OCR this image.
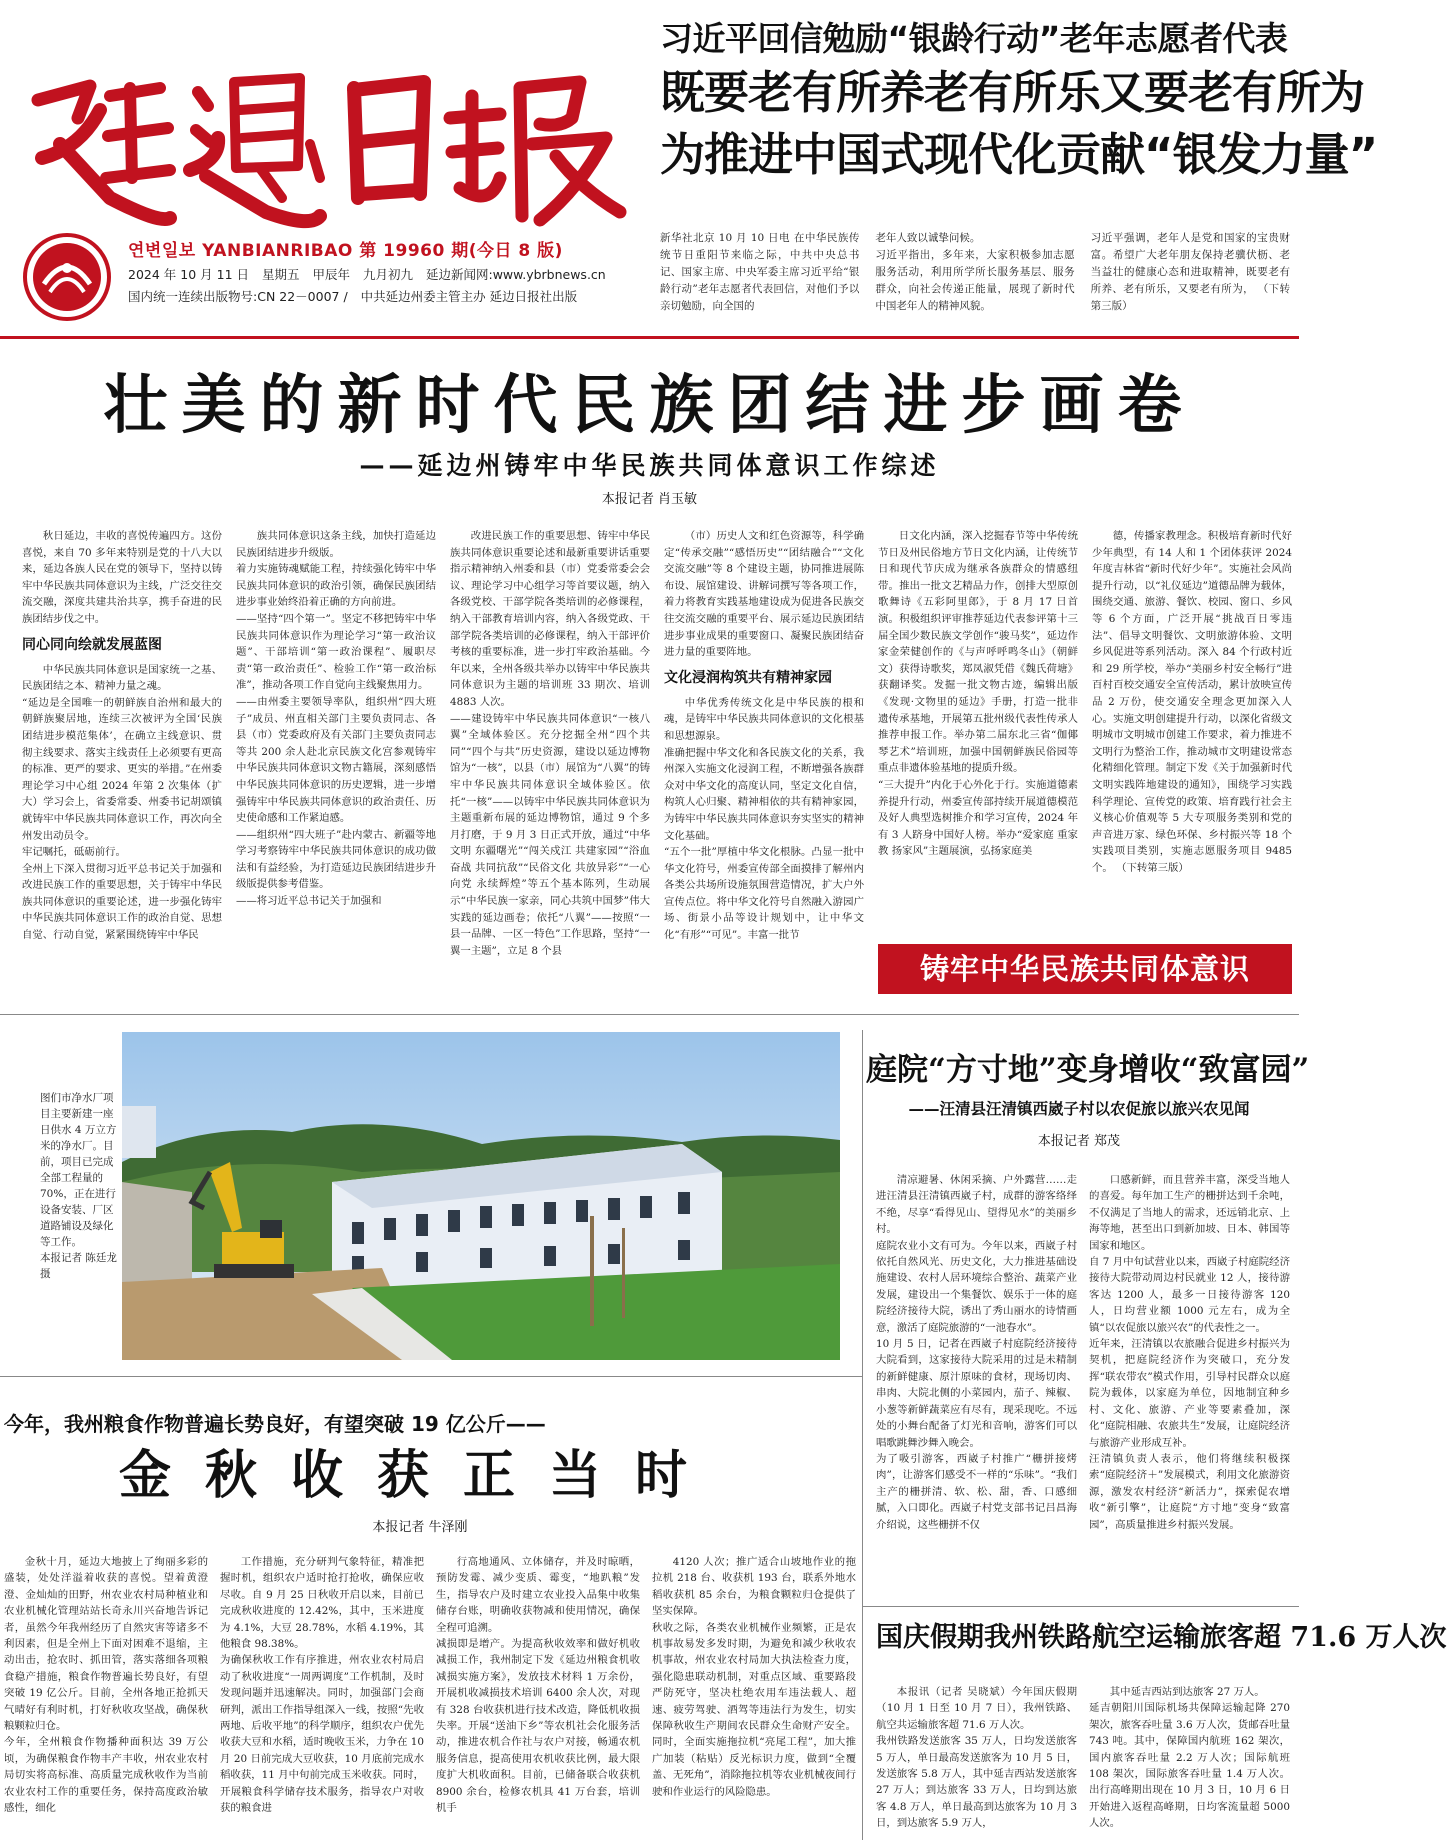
연변일보 YANBIANRIBAO 第 19960 期(今日 8 版)
2024 年 10 月 11 日 星期五 甲辰年 九月初九 延边新闻网:www.ybrbnews.cn
国内统一连续出版物号:CN 22－0007 / 中共延边州委主管主办 延边日报社出版
习近平回信勉励“银龄行动”老年志愿者代表
既要老有所养老有所乐又要老有所为
为推进中国式现代化贡献“银发力量”
新华社北京 10 月 10 日电 在中华民族传统节日重阳节来临之际，中共中央总书记、国家主席、中央军委主席习近平给“银龄行动”老年志愿者代表回信，对他们予以亲切勉励，向全国的
老年人致以诚挚问候。
习近平指出，多年来，大家积极参加志愿服务活动，利用所学所长服务基层、服务群众，向社会传递正能量，展现了新时代中国老年人的精神风貌。
习近平强调，老年人是党和国家的宝贵财富。希望广大老年朋友保持老骥伏枥、老当益壮的健康心态和进取精神，既要老有所养、老有所乐，又要老有所为， （下转第三版）
壮美的新时代民族团结进步画卷
——延边州铸牢中华民族共同体意识工作综述
本报记者 肖玉敏

秋日延边，丰收的喜悦传遍四方。这份喜悦，来自 70 多年来特别是党的十八大以来，延边各族人民在党的领导下，坚持以铸牢中华民族共同体意识为主线，广泛交往交流交融，深度共建共治共享，携手奋进的民族团结步伐之中。

同心同向绘就发展蓝图

中华民族共同体意识是国家统一之基、民族团结之本、精神力量之魂。
“延边是全国唯一的朝鲜族自治州和最大的朝鲜族聚居地，连续三次被评为全国‘民族团结进步模范集体’，在确立主线意识、贯彻主线要求、落实主线责任上必须要有更高的标准、更严的要求、更实的举措。”在州委理论学习中心组 2024 年第 2 次集体（扩大）学习会上，省委常委、州委书记胡颂镇就铸牢中华民族共同体意识工作，再次向全州发出动员令。
牢记嘱托，砥砺前行。
全州上下深入贯彻习近平总书记关于加强和改进民族工作的重要思想，关于铸牢中华民族共同体意识的重要论述，进一步强化铸牢中华民族共同体意识工作的政治自觉、思想自觉、行动自觉，紧紧围绕铸牢中华民

族共同体意识这条主线，加快打造延边民族团结进步升级版。
着力实施铸魂赋能工程，持续强化铸牢中华民族共同体意识的政治引领，确保民族团结进步事业始终沿着正确的方向前进。
——坚持“四个第一”。坚定不移把铸牢中华民族共同体意识作为理论学习“第一政治议题”、干部培训“第一政治课程”、履职尽责“第一政治责任”、检验工作“第一政治标准”，推动各项工作自觉向主线聚焦用力。
——由州委主要领导率队，组织州“四大班子”成员、州直相关部门主要负责同志、各县（市）党委政府及有关部门主要负责同志等共 200 余人赴北京民族文化宫参观铸牢中华民族共同体意识文物古籍展，深刻感悟中华民族共同体意识的历史逻辑，进一步增强铸牢中华民族共同体意识的政治责任、历史使命感和工作紧迫感。
——组织州“四大班子”赴内蒙古、新疆等地学习考察铸牢中华民族共同体意识的成功做法和有益经验，为打造延边民族团结进步升级版提供参考借鉴。
——将习近平总书记关于加强和

改进民族工作的重要思想、铸牢中华民族共同体意识重要论述和最新重要讲话重要指示精神纳入州委和县（市）党委常委会会议、理论学习中心组学习等首要议题，纳入各级党校、干部学院各类培训的必修课程，纳入干部教育培训内容，纳入各级党政、干部学院各类培训的必修课程，纳入干部评价考核的重要标准，进一步打牢政治基础。今年以来，全州各级共举办以铸牢中华民族共同体意识为主题的培训班 33 期次、培训 4883 人次。
——建设铸牢中华民族共同体意识“一核八翼”全域体验区。充分挖掘全州“四个共同”“四个与共”历史资源，建设以延边博物馆为“一核”，以县（市）展馆为“八翼”的铸牢中华民族共同体意识全域体验区。依托“一核”——以铸牢中华民族共同体意识为主题重新布展的延边博物馆，通过 9 个多月打磨，于 9 月 3 日正式开放，通过“中华文明 东疆曙光”“闯关戍江 共建家园”“浴血奋战 共同抗敌”“民俗文化 共放异彩”“一心向党 永续辉煌”等五个基本陈列，生动展示“中华民族一家亲，同心共筑中国梦”伟大实践的延边画卷；依托“八翼”——按照“一县一品牌、一区一特色”工作思路，坚持“一翼一主题”，立足 8 个县

（市）历史人文和红色资源等，科学确定“传承交融”“感悟历史”“团结融合”“文化交流交融”等 8 个建设主题，协同推进展陈布设、展馆建设、讲解词撰写等各项工作，着力将教育实践基地建设成为促进各民族交往交流交融的重要平台、展示延边民族团结进步事业成果的重要窗口、凝聚民族团结奋进力量的重要阵地。

文化浸润构筑共有精神家园

中华优秀传统文化是中华民族的根和魂，是铸牢中华民族共同体意识的文化根基和思想源泉。
准确把握中华文化和各民族文化的关系，我州深入实施文化浸润工程，不断增强各族群众对中华文化的高度认同，坚定文化自信，构筑人心归聚、精神相依的共有精神家园，为铸牢中华民族共同体意识夯实坚实的精神文化基础。
“五个一批”厚植中华文化根脉。凸显一批中华文化符号，州委宣传部全面摸排了解州内各类公共场所设施氛围营造情况，扩大户外宣传点位。将中华文化符号自然融入游园广场、街景小品等设计规划中，让中华文化“有形”“可见”。丰富一批节

日文化内涵，深入挖掘春节等中华传统节日及州民俗地方节日文化内涵，让传统节日和现代节庆成为继承各族群众的情感纽带。推出一批文艺精品力作，创排大型原创歌舞诗《五彩阿里郎》，于 8 月 17 日首演。积极组织评审推荐延边代表参评第十三届全国少数民族文学创作“骏马奖”，延边作家金荣健创作的《与声呼呼鸣冬山》（朝鲜文）获得诗歌奖，郑凤淑凭借《魏氏荷塘》获翻译奖。发掘一批文物古迹，编辑出版《发现·文物里的延边》手册，打造一批非遗传承基地，开展第五批州级代表性传承人推荐申报工作。举办第二届东北三省“伽倻琴艺术”培训班，加强中国朝鲜族民俗园等重点非遗体验基地的提质升级。
“三大提升”内化于心外化于行。实施道德素养提升行动，州委宣传部持续开展道德模范及好人典型选树推介和学习宣传，2024 年有 3 人跻身中国好人榜。举办“爱家庭 重家教 扬家风”主题展演，弘扬家庭美

德，传播家教理念。积极培育新时代好少年典型，有 14 人和 1 个团体获评 2024 年度吉林省“新时代好少年”。实施社会风尚提升行动，以“礼仪延边”道德品牌为载体，围绕交通、旅游、餐饮、校园、窗口、乡风等 6 个方面，广泛开展“挑战百日零违法”、倡导文明餐饮、文明旅游体验、文明乡风促进等系列活动。深入 84 个行政村近和 29 所学校，举办“美丽乡村安全畅行”进百村百校交通安全宣传活动，累计放映宣传品 2 万份，使交通安全理念更加深入人心。实施文明创建提升行动，以深化省级文明城市文明城市创建工作要求，着力推进不文明行为整治工作，推动城市文明建设常态化精细化管理。制定下发《关于加强新时代文明实践阵地建设的通知》，围绕学习实践科学理论、宣传党的政策、培育践行社会主义核心价值观等 5 大专项服务类别和党的声音进万家、绿色环保、乡村振兴等 18 个实践项目类别，实施志愿服务项目 9485 个。 （下转第三版）

铸牢中华民族共同体意识
图们市净水厂项目主要新建一座日供水 4 万立方米的净水厂。目前，项目已完成全部工程量的 70%，正在进行设备安装、厂区道路铺设及绿化等工作。
本报记者 陈廷龙 摄
庭院“方寸地”变身增收“致富园”
——汪清县汪清镇西崴子村以农促旅以旅兴农见闻
本报记者 郑茂

清凉避暑、休闲采摘、户外露营……走进汪清县汪清镇西崴子村，成群的游客络绎不绝，尽享“看得见山、望得见水”的美丽乡村。
庭院农业小文有可为。今年以来，西崴子村依托自然风光、历史文化，大力推进基础设施建设、农村人居环境综合整治、蔬菜产业发展，建设出一个集餐饮、娱乐于一体的庭院经济接待大院，诱出了秀山丽水的诗情画意，激活了庭院旅游的“一池春水”。
10 月 5 日，记者在西崴子村庭院经济接待大院看到，这家接待大院采用的过是未精制的新鲜健康、原汁原味的食材，现场切肉、串肉、大院北侧的小菜园内，茄子、辣椒、小葱等新鲜蔬菜应有尽有，现采现吃。不远处的小舞台配备了灯光和音响，游客们可以唱歌跳舞沙舞入晚会。
为了吸引游客，西崴子村推广“栅拼接烤肉”，让游客们感受不一样的“乐味”。“我们主产的栅拼清、软、松、甜，香、口感细腻，入口即化。西崴子村党支部书记吕昌海介绍说，这些栅拼不仅

口感新鲜，而且营养丰富，深受当地人的喜爱。每年加工生产的栅拼达到千余吨，不仅满足了当地人的需求，还远销北京、上海等地，甚至出口到新加坡、日本、韩国等国家和地区。
自 7 月中旬试营业以来，西崴子村庭院经济接待大院带动周边村民就业 12 人，接待游客达 1200 人，最多一日接待游客 120 人，日均营业额 1000 元左右，成为全镇“以农促旅以旅兴农”的代表性之一。
近年来，汪清镇以农旅融合促进乡村振兴为契机，把庭院经济作为突破口，充分发挥“联农带农”模式作用，引导村民群众以庭院为载体，以家庭为单位，因地制宜种乡村、文化、旅游、产业等要素叠加，深化“庭院相融、农旅共生”发展，让庭院经济与旅游产业形成互补。
汪清镇负责人表示，他们将继续积极探索“庭院经济＋”发展模式，利用文化旅游资源，激发农村经济“新活力”，探索促农增收“新引擎”，让庭院“方寸地”变身“致富园”，高质量推进乡村振兴发展。

国庆假期我州铁路航空运输旅客超 71.6 万人次

本报讯（记者 吴晓斌）今年国庆假期（10 月 1 日至 10 月 7 日），我州铁路、航空共运输旅客超 71.6 万人次。
我州铁路发送旅客 35 万人，日均发送旅客 5 万人，单日最高发送旅客为 10 月 5 日，发送旅客 5.8 万人，其中延吉西站发送旅客 27 万人；到达旅客 33 万人，日均到达旅客 4.8 万人，单日最高到达旅客为 10 月 3 日，到达旅客 5.9 万人，

其中延吉西站到达旅客 27 万人。
延吉朝阳川国际机场共保障运输起降 270 架次，旅客吞吐量 3.6 万人次，货邮吞吐量 743 吨。其中，保障国内航班 162 架次，国内旅客吞吐量 2.2 万人次；国际航班 108 架次，国际旅客吞吐量 1.4 万人次。出行高峰期出现在 10 月 3 日，10 月 6 日开始进入返程高峰期，日均客流量超 5000 人次。

今年，我州粮食作物普遍长势良好，有望突破 19 亿公斤——
金秋收获正当时
本报记者 牛泽刚

金秋十月，延边大地披上了绚丽多彩的盛装，处处洋溢着收获的喜悦。望着黄澄澄、金灿灿的田野，州农业农村局种植业和农业机械化管理站站长奇永川兴奋地告诉记者，虽然今年我州经历了自然灾害等诸多不利因素，但是全州上下面对困难不退缩，主动出击，抢农时、抓田管，落实落细各项粮食稳产措施，粮食作物普遍长势良好，有望突破 19 亿公斤。目前，全州各地正抢抓天气晴好有利时机，打好秋收攻坚战，确保秋粮颗粒归仓。
今年，全州粮食作物播种面积达 39 万公顷，为确保粮食作物丰产丰收，州农业农村局切实将高标准、高质量完成秋收作为当前农业农村工作的重要任务，保持高度政治敏感性，细化

工作措施，充分研判气象特征，精准把握时机，组织农户适时抢打抢收，确保应收尽收。自 9 月 25 日秋收开启以来，目前已完成秋收进度的 12.42%，其中，玉米进度为 4.1%，大豆 28.78%，水稻 4.19%，其他粮食 98.38%。
为确保秋收工作有序推进，州农业农村局启动了秋收进度“一周两调度”工作机制，及时发现问题并迅速解决。同时，加强部门会商研判，派出工作指导组深入一线，按照“先收两地、后收平地”的科学顺序，组织农户优先收获大豆和水稻，适时晚收玉米，力争在 10 月 20 日前完成大豆收获，10 月底前完成水稻收获，11 月中旬前完成玉米收获。同时，开展粮食科学储存技术服务，指导农户对收获的粮食进

行高地通风、立体储存，并及时晾晒，预防发霉、减少变质、霉变，“地趴粮”发生，指导农户及时建立农业投入品集中收集储存台账，明确收获物减和使用情况，确保全程可追溯。
减损即是增产。为提高秋收效率和做好机收减损工作，我州制定下发《延边州粮食机收减损实施方案》，发放技术材料 1 万余份，开展机收减损技术培训 6400 余人次，对现有 328 台收获机进行技术改造，降低机收损失率。开展“送油下乡”等农机社会化服务活动，推进农机合作社与农户对接，畅通农机服务信息，提高使用农机收获比例，最大限度扩大机收面积。目前，已储备联合收获机 8900 余台，检修农机具 41 万台套，培训机手

4120 人次；推广适合山坡地作业的拖拉机 218 台、收获机 193 台，联系外地水稻收获机 85 余台，为粮食颗粒归仓提供了坚实保障。
秋收之际，各类农业机械作业频繁，正是农机事故易发多发时期，为避免和减少秋收农机事故，州农业农村局加大执法检查力度，强化隐患联动机制，对重点区域、重要路段严防死守，坚决杜绝农用车违法载人、超速、疲劳驾驶、酒驾等违法行为发生，切实保障秋收生产期间农民群众生命财产安全。同时，全面实施拖拉机“亮尾工程”，加大推广加装（粘贴）反光标识力度，做到“全覆盖、无死角”，消除拖拉机等农业机械夜间行驶和作业运行的风险隐患。
